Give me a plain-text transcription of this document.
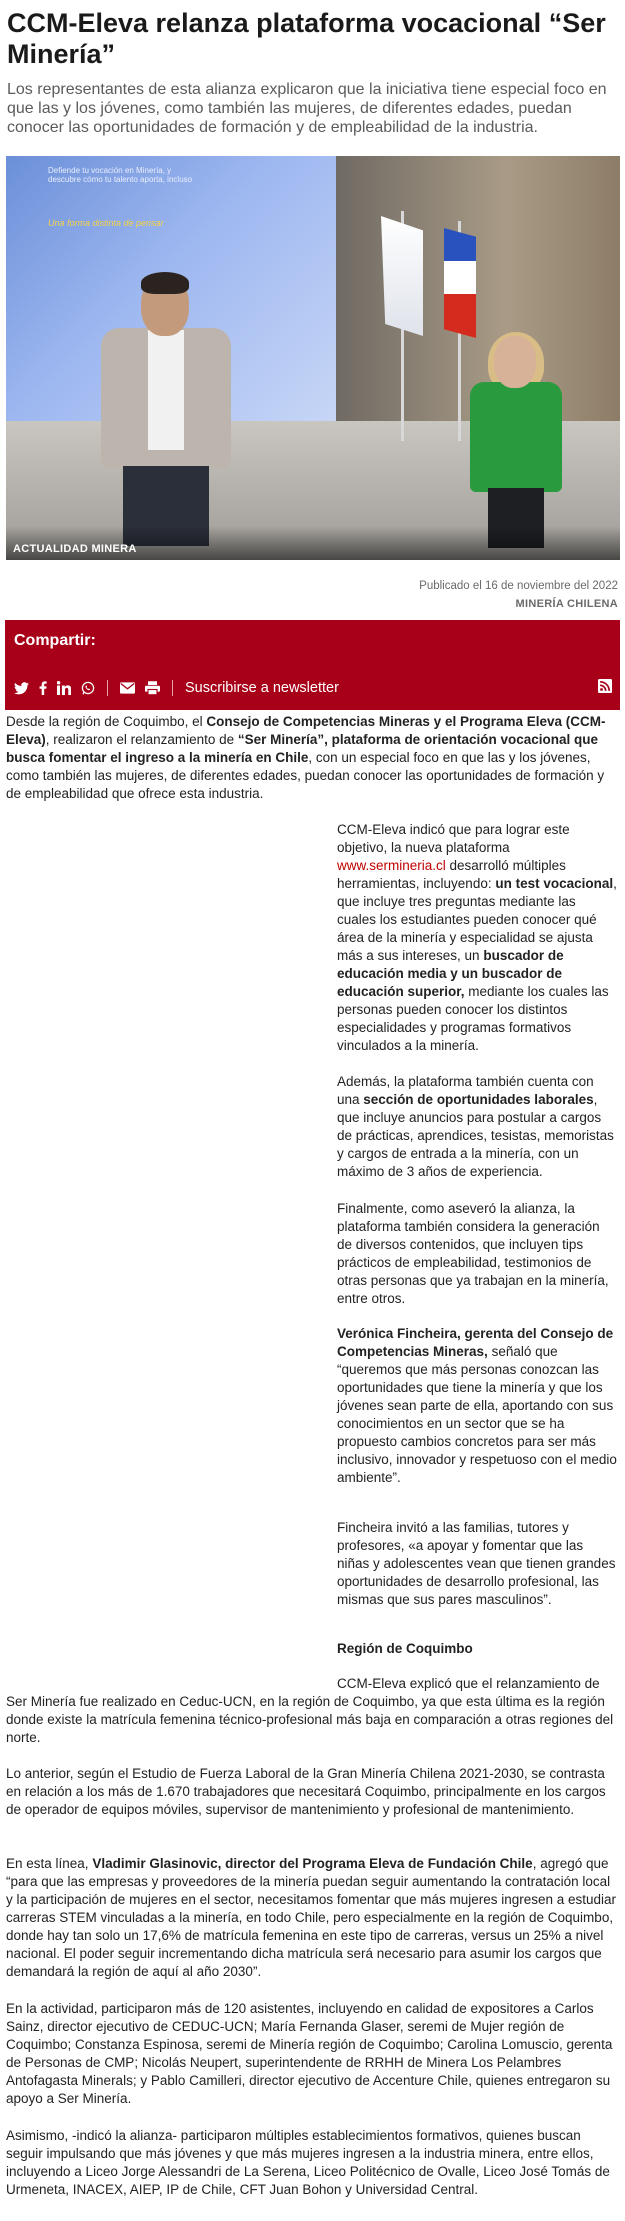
CCM-Eleva relanza plataforma vocacional “Ser Minería”

Los representantes de esta alianza explicaron que la iniciativa tiene especial foco en que las y los jóvenes, como también las mujeres, de diferentes edades, puedan conocer las oportunidades de formación y de empleabilidad de la industria.

Defiende tu vocación en Minería, y descubre cómo tu talento aporta, incluso
Una forma distinta de pensar
ACTUALIDAD MINERA
Publicado el 16 de noviembre del 2022
MINERÍA CHILENA
Compartir:
Suscribirse a newsletter

Desde la región de Coquimbo, el Consejo de Competencias Mineras y el Programa Eleva (CCM-Eleva), realizaron el relanzamiento de “Ser Minería”, plataforma de orientación vocacional que busca fomentar el ingreso a la minería en Chile, con un especial foco en que las y los jóvenes, como también las mujeres, de diferentes edades, puedan conocer las oportunidades de formación y de empleabilidad que ofrece esta industria.

CCM-Eleva indicó que para lograr este objetivo, la nueva plataforma www.sermineria.cl desarrolló múltiples herramientas, incluyendo: un test vocacional, que incluye tres preguntas mediante las cuales los estudiantes pueden conocer qué área de la minería y especialidad se ajusta más a sus intereses, un buscador de educación media y un buscador de educación superior, mediante los cuales las personas pueden conocer los distintos especialidades y programas formativos vinculados a la minería.

Además, la plataforma también cuenta con una sección de oportunidades laborales, que incluye anuncios para postular a cargos de prácticas, aprendices, tesistas, memoristas y cargos de entrada a la minería, con un máximo de 3 años de experiencia.

Finalmente, como aseveró la alianza, la plataforma también considera la generación de diversos contenidos, que incluyen tips prácticos de empleabilidad, testimonios de otras personas que ya trabajan en la minería, entre otros.

Verónica Fincheira, gerenta del Consejo de Competencias Mineras, señaló que “queremos que más personas conozcan las oportunidades que tiene la minería y que los jóvenes sean parte de ella, aportando con sus conocimientos en un sector que se ha propuesto cambios concretos para ser más inclusivo, innovador y respetuoso con el medio ambiente”.

Fincheira invitó a las familias, tutores y profesores, «a apoyar y fomentar que las niñas y adolescentes vean que tienen grandes oportunidades de desarrollo profesional, las mismas que sus pares masculinos”.

Región de Coquimbo

CCM-Eleva explicó que el relanzamiento de

Ser Minería fue realizado en Ceduc-UCN, en la región de Coquimbo, ya que esta última es la región donde existe la matrícula femenina técnico-profesional más baja en comparación a otras regiones del norte.

Lo anterior, según el Estudio de Fuerza Laboral de la Gran Minería Chilena 2021-2030, se contrasta en relación a los más de 1.670 trabajadores que necesitará Coquimbo, principalmente en los cargos de operador de equipos móviles, supervisor de mantenimiento y profesional de mantenimiento.

En esta línea, Vladimir Glasinovic, director del Programa Eleva de Fundación Chile, agregó que “para que las empresas y proveedores de la minería puedan seguir aumentando la contratación local y la participación de mujeres en el sector, necesitamos fomentar que más mujeres ingresen a estudiar carreras STEM vinculadas a la minería, en todo Chile, pero especialmente en la región de Coquimbo, donde hay tan solo un 17,6% de matrícula femenina en este tipo de carreras, versus un 25% a nivel nacional. El poder seguir incrementando dicha matrícula será necesario para asumir los cargos que demandará la región de aquí al año 2030”.

En la actividad, participaron más de 120 asistentes, incluyendo en calidad de expositores a Carlos Sainz, director ejecutivo de CEDUC-UCN; María Fernanda Glaser, seremi de Mujer región de Coquimbo; Constanza Espinosa, seremi de Minería región de Coquimbo; Carolina Lomuscio, gerenta de Personas de CMP; Nicolás Neupert, superintendente de RRHH de Minera Los Pelambres Antofagasta Minerals; y Pablo Camilleri, director ejecutivo de Accenture Chile, quienes entregaron su apoyo a Ser Minería.

Asimismo, -indicó la alianza- participaron múltiples establecimientos formativos, quienes buscan seguir impulsando que más jóvenes y que más mujeres ingresen a la industria minera, entre ellos, incluyendo a Liceo Jorge Alessandri de La Serena, Liceo Politécnico de Ovalle, Liceo José Tomás de Urmeneta, INACEX, AIEP, IP de Chile, CFT Juan Bohon y Universidad Central.
